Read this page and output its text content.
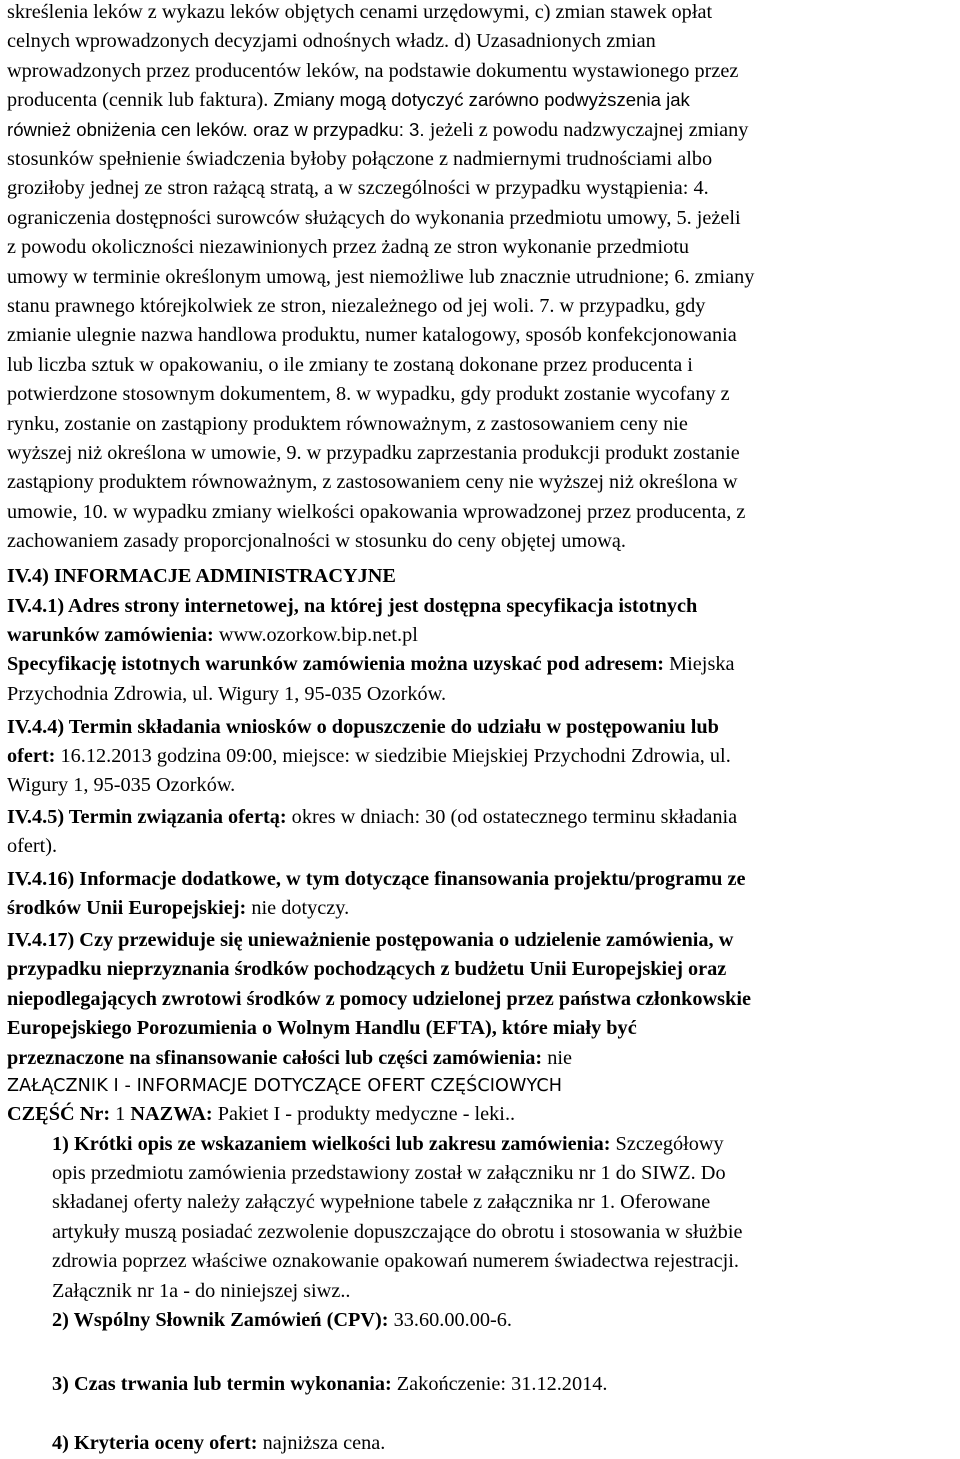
skreślenia leków z wykazu leków objętych cenami urzędowymi, c) zmian stawek opłat
celnych wprowadzonych decyzjami odnośnych władz. d) Uzasadnionych zmian
wprowadzonych przez producentów leków, na podstawie dokumentu wystawionego przez
producenta (cennik lub faktura). Zmiany mogą dotyczyć zarówno podwyższenia jak
również obniżenia cen leków. oraz w przypadku: 3. jeżeli z powodu nadzwyczajnej zmiany
stosunków spełnienie świadczenia byłoby połączone z nadmiernymi trudnościami albo
groziłoby jednej ze stron rażącą stratą, a w szczególności w przypadku wystąpienia: 4.
ograniczenia dostępności surowców służących do wykonania przedmiotu umowy, 5. jeżeli
z powodu okoliczności niezawinionych przez żadną ze stron wykonanie przedmiotu
umowy w terminie określonym umową, jest niemożliwe lub znacznie utrudnione; 6. zmiany
stanu prawnego którejkolwiek ze stron, niezależnego od jej woli. 7. w przypadku, gdy
zmianie ulegnie nazwa handlowa produktu, numer katalogowy, sposób konfekcjonowania
lub liczba sztuk w opakowaniu, o ile zmiany te zostaną dokonane przez producenta i
potwierdzone stosownym dokumentem, 8. w wypadku, gdy produkt zostanie wycofany z
rynku, zostanie on zastąpiony produktem równoważnym, z zastosowaniem ceny nie
wyższej niż określona w umowie, 9. w przypadku zaprzestania produkcji produkt zostanie
zastąpiony produktem równoważnym, z zastosowaniem ceny nie wyższej niż określona w
umowie, 10. w wypadku zmiany wielkości opakowania wprowadzonej przez producenta, z
zachowaniem zasady proporcjonalności w stosunku do ceny objętej umową.
IV.4) INFORMACJE ADMINISTRACYJNE
IV.4.1) Adres strony internetowej, na której jest dostępna specyfikacja istotnych
warunków zamówienia: www.ozorkow.bip.net.pl
Specyfikację istotnych warunków zamówienia można uzyskać pod adresem: Miejska
Przychodnia Zdrowia, ul. Wigury 1, 95-035 Ozorków.
IV.4.4) Termin składania wniosków o dopuszczenie do udziału w postępowaniu lub
ofert: 16.12.2013 godzina 09:00, miejsce: w siedzibie Miejskiej Przychodni Zdrowia, ul.
Wigury 1, 95-035 Ozorków.
IV.4.5) Termin związania ofertą: okres w dniach: 30 (od ostatecznego terminu składania
ofert).
IV.4.16) Informacje dodatkowe, w tym dotyczące finansowania projektu/programu ze
środków Unii Europejskiej: nie dotyczy.
IV.4.17) Czy przewiduje się unieważnienie postępowania o udzielenie zamówienia, w
przypadku nieprzyznania środków pochodzących z budżetu Unii Europejskiej oraz
niepodlegających zwrotowi środków z pomocy udzielonej przez państwa członkowskie
Europejskiego Porozumienia o Wolnym Handlu (EFTA), które miały być
przeznaczone na sfinansowanie całości lub części zamówienia: nie
ZAŁĄCZNIK I - INFORMACJE DOTYCZĄCE OFERT CZĘŚCIOWYCH
CZĘŚĆ Nr: 1 NAZWA: Pakiet I - produkty medyczne - leki..
1) Krótki opis ze wskazaniem wielkości lub zakresu zamówienia: Szczegółowy
opis przedmiotu zamówienia przedstawiony został w załączniku nr 1 do SIWZ. Do
składanej oferty należy załączyć wypełnione tabele z załącznika nr 1. Oferowane
artykuły muszą posiadać zezwolenie dopuszczające do obrotu i stosowania w służbie
zdrowia poprzez właściwe oznakowanie opakowań numerem świadectwa rejestracji.
Załącznik nr 1a - do niniejszej siwz..
2) Wspólny Słownik Zamówień (CPV): 33.60.00.00-6.
3) Czas trwania lub termin wykonania: Zakończenie: 31.12.2014.
4) Kryteria oceny ofert: najniższa cena.
